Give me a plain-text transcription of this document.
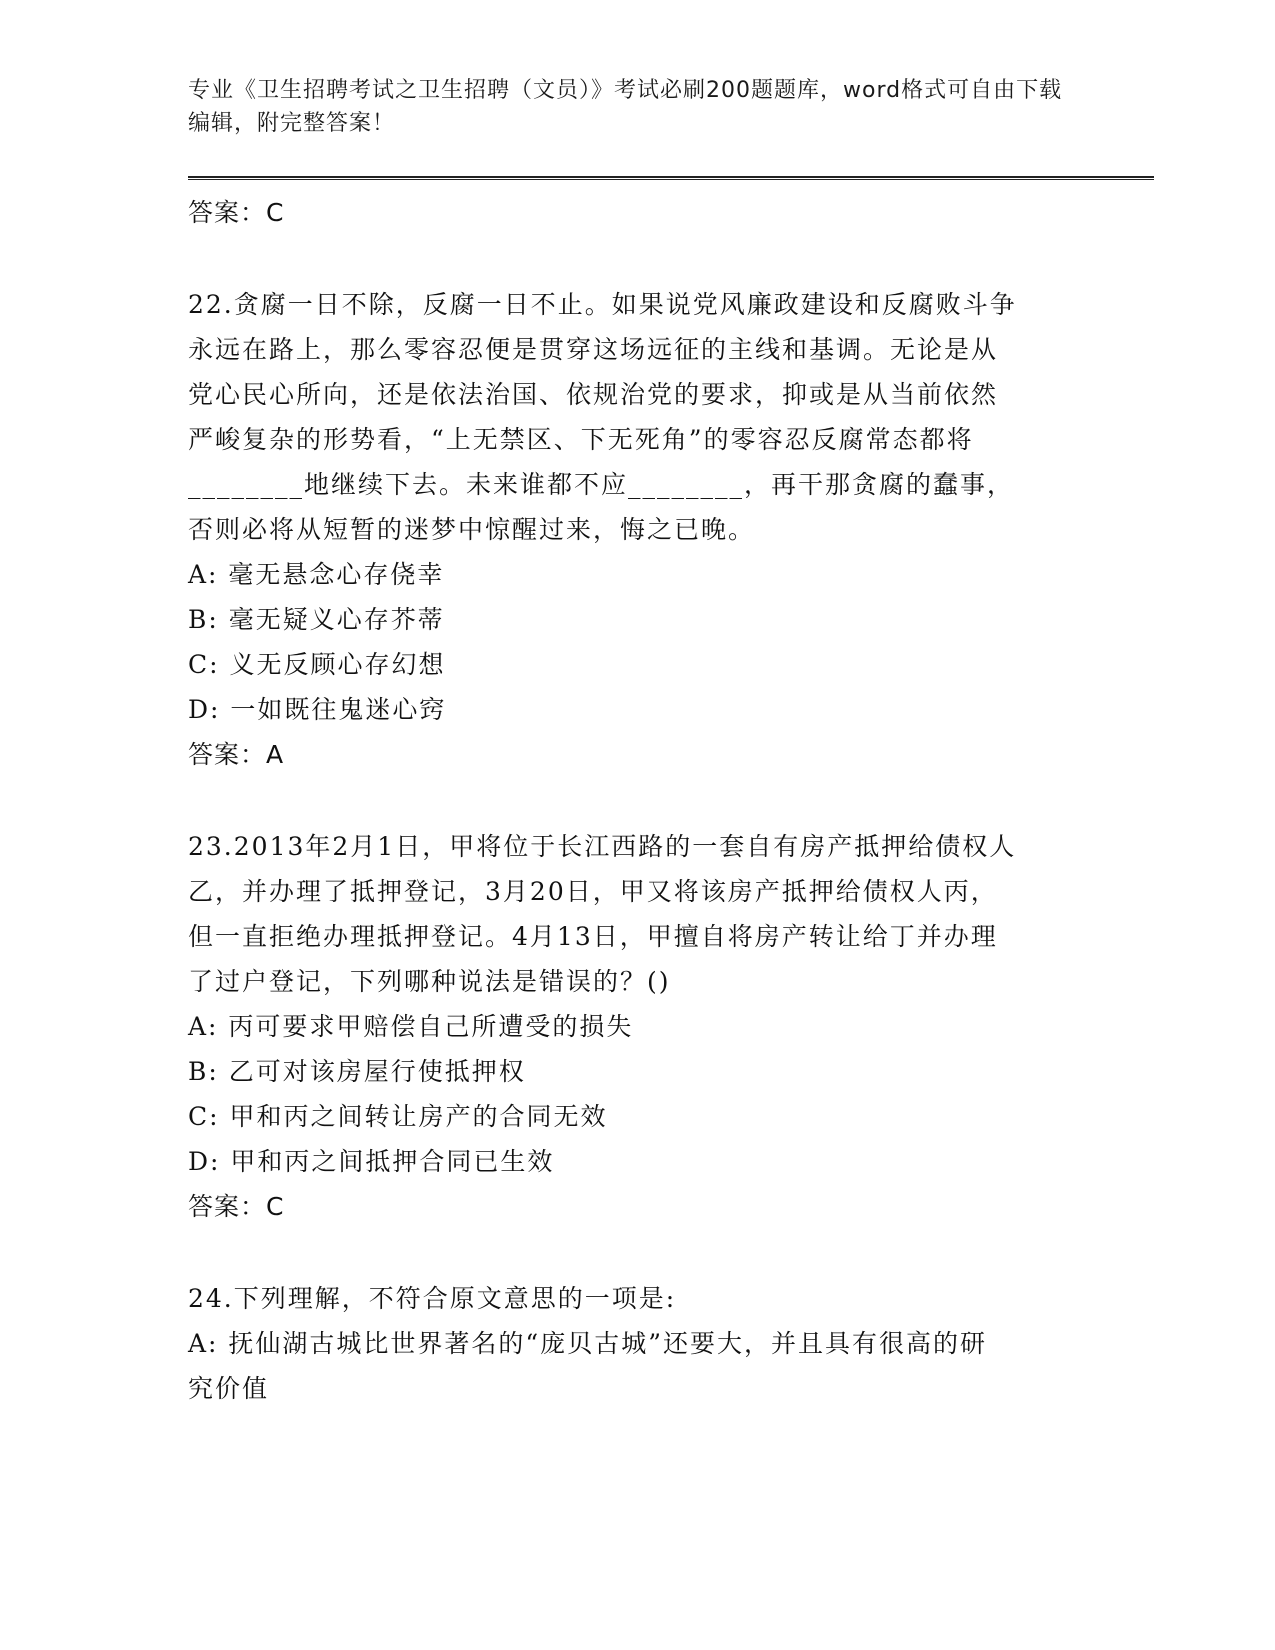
专业《卫生招聘考试之卫生招聘（文员）》考试必刷200题题库，word格式可自由下载编辑，附完整答案！
答案：C
22.贪腐一日不除，反腐一日不止。如果说党风廉政建设和反腐败斗争
永远在路上，那么零容忍便是贯穿这场远征的主线和基调。无论是从
党心民心所向，还是依法治国、依规治党的要求，抑或是从当前依然
严峻复杂的形势看，“上无禁区、下无死角”的零容忍反腐常态都将
________地继续下去。未来谁都不应________，再干那贪腐的蠢事，
否则必将从短暂的迷梦中惊醒过来，悔之已晚。
A: 毫无悬念心存侥幸
B: 毫无疑义心存芥蒂
C: 义无反顾心存幻想
D: 一如既往鬼迷心窍
答案：A
23.2013年2月1日，甲将位于长江西路的一套自有房产抵押给债权人
乙，并办理了抵押登记，3月20日，甲又将该房产抵押给债权人丙，
但一直拒绝办理抵押登记。4月13日，甲擅自将房产转让给丁并办理
了过户登记，下列哪种说法是错误的？()
A: 丙可要求甲赔偿自己所遭受的损失
B: 乙可对该房屋行使抵押权
C: 甲和丙之间转让房产的合同无效
D: 甲和丙之间抵押合同已生效
答案：C
24.下列理解，不符合原文意思的一项是:
A: 抚仙湖古城比世界著名的“庞贝古城”还要大，并且具有很高的研
究价值
